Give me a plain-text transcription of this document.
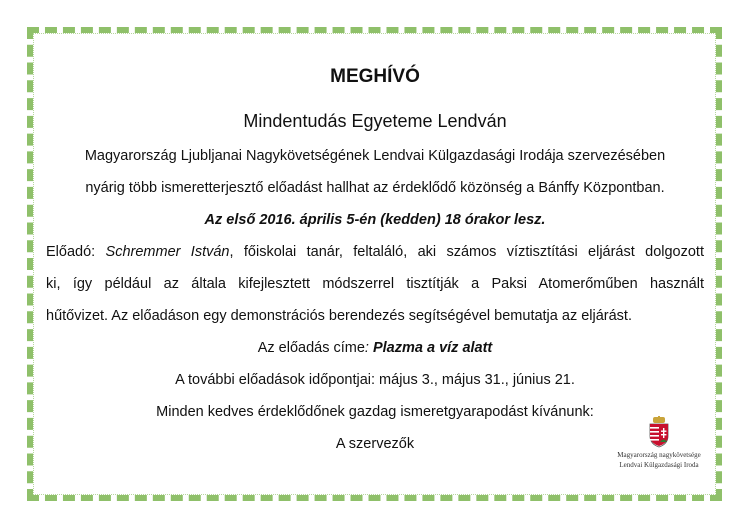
MEGHÍVÓ
Mindentudás Egyeteme Lendván
Magyarország Ljubljanai Nagykövetségének Lendvai Külgazdasági Irodája szervezésében
nyárig több ismeretterjesztő előadást hallhat az érdeklődő közönség a Bánffy Központban.
Az első 2016. április 5-én (kedden) 18 órakor lesz.
Előadó: Schremmer István, főiskolai tanár, feltaláló, aki számos víztisztítási eljárást dolgozott
ki, így például az általa kifejlesztett módszerrel tisztítják a Paksi Atomerőműben használt
hűtővizet. Az előadáson egy demonstrációs berendezés segítségével bemutatja az eljárást.
Az előadás címe: Plazma a víz alatt
A további előadások időpontjai: május 3., május 31., június 21.
Minden kedves érdeklődőnek gazdag ismeretgyarapodást kívánunk:
A szervezők
Magyarország nagykövetsége
Lendvai Külgazdasági Iroda
